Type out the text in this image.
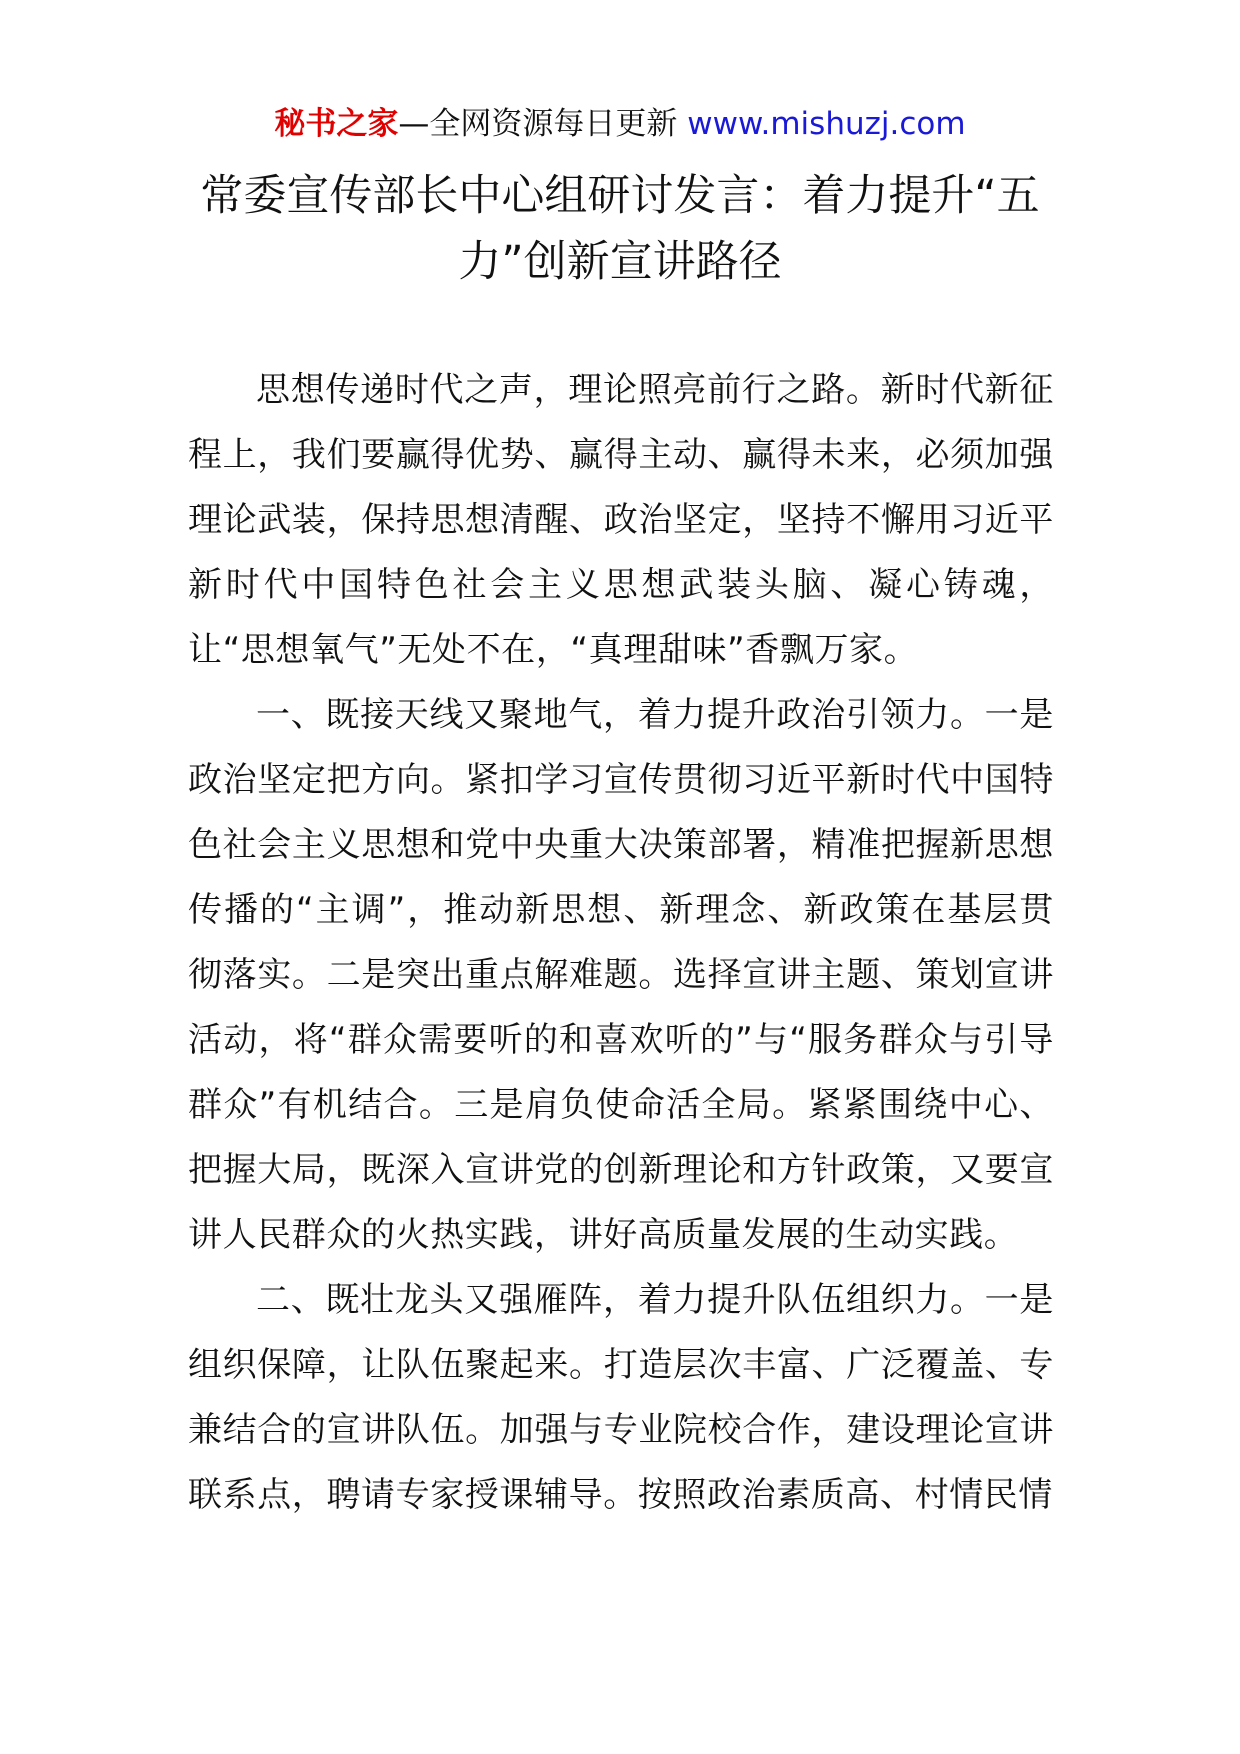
秘书之家—全网资源每日更新 www.mishuzj.com
常委宣传部长中心组研讨发言：着力提升“五力”创新宣讲路径

思想传递时代之声，理论照亮前行之路。新时代新征程上，我们要赢得优势、赢得主动、赢得未来，必须加强理论武装，保持思想清醒、政治坚定，坚持不懈用习近平新时代中国特色社会主义思想武装头脑、凝心铸魂，让“思想氧气”无处不在，“真理甜味”香飘万家。

一、既接天线又聚地气，着力提升政治引领力。一是政治坚定把方向。紧扣学习宣传贯彻习近平新时代中国特色社会主义思想和党中央重大决策部署，精准把握新思想传播的“主调”，推动新思想、新理念、新政策在基层贯彻落实。二是突出重点解难题。选择宣讲主题、策划宣讲活动，将“群众需要听的和喜欢听的”与“服务群众与引导群众”有机结合。三是肩负使命活全局。紧紧围绕中心、把握大局，既深入宣讲党的创新理论和方针政策，又要宣讲人民群众的火热实践，讲好高质量发展的生动实践。

二、既壮龙头又强雁阵，着力提升队伍组织力。一是组织保障，让队伍聚起来。打造层次丰富、广泛覆盖、专兼结合的宣讲队伍。加强与专业院校合作，建设理论宣讲联系点，聘请专家授课辅导。按照政治素质高、村情民情
